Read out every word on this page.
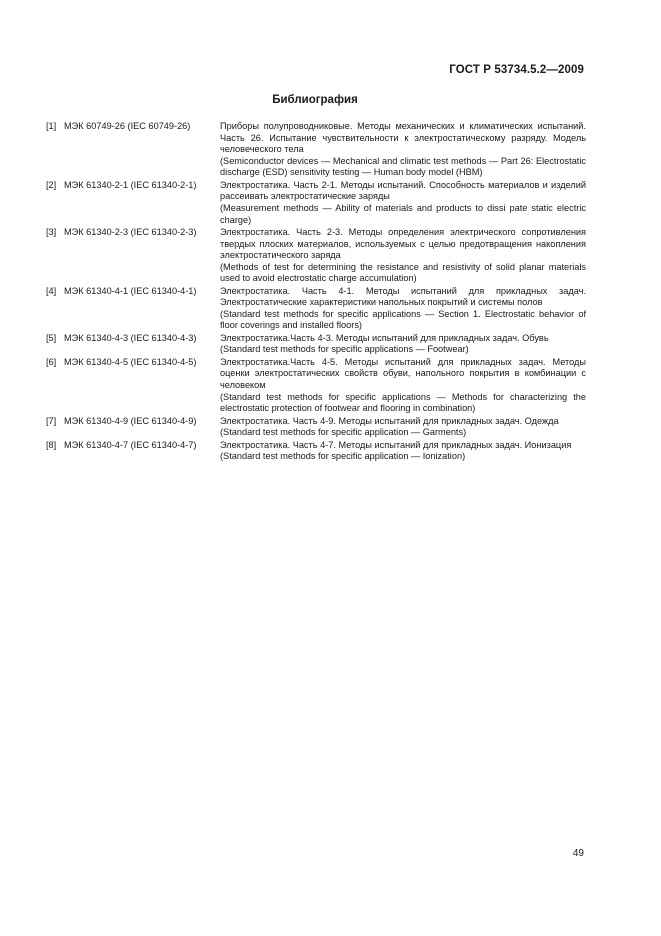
ГОСТ Р 53734.5.2—2009
Библиография
[1] МЭК 60749-26 (IEC 60749-26)	Приборы полупроводниковые. Методы механических и климатических испытаний. Часть 26. Испытание чувствительности к электростатическому разряду. Модель человеческого тела
(Semiconductor devices — Mechanical and climatic test methods — Part 26: Electrostatic discharge (ESD) sensitivity testing — Human body model (HBM)
[2] МЭК 61340-2-1 (IEC 61340-2-1)	Электростатика. Часть 2-1. Методы испытаний. Способность материалов и изделий рассеивать электростатические заряды
(Measurement methods — Ability of materials and products to dissi pate static electric charge)
[3] МЭК 61340-2-3 (IEC 61340-2-3)	Электростатика. Часть 2-3. Методы определения электрического сопротивления твердых плоских материалов, используемых с целью предотвращения накопления электростатического заряда
(Methods of test for determining the resistance and resistivity of solid planar materials used to avoid electrostatic charge accumulation)
[4] МЭК 61340-4-1 (IEC 61340-4-1)	Электростатика. Часть 4-1. Методы испытаний для прикладных задач. Электростатические характеристики напольных покрытий и системы полов
(Standard test methods for specific applications — Section 1. Electrostatic behavior of floor coverings and installed floors)
[5] МЭК 61340-4-3 (IEC 61340-4-3)	Электростатика.Часть 4-3. Методы испытаний для прикладных задач. Обувь
(Standard test methods for specific applications — Footwear)
[6] МЭК 61340-4-5 (IEC 61340-4-5)	Электростатика.Часть 4-5. Методы испытаний для прикладных задач. Методы оценки электростатических свойств обуви, напольного покрытия в комбинации с человеком
(Standard test methods for specific applications — Methods for characterizing the electrostatic protection of footwear and flooring in combination)
[7] МЭК 61340-4-9 (IEC 61340-4-9)	Электростатика. Часть 4-9. Методы испытаний для прикладных задач. Одежда
(Standard test methods for specific application — Garments)
[8] МЭК 61340-4-7 (IEC 61340-4-7)	Электростатика. Часть 4-7. Методы испытаний для прикладных задач. Ионизация
(Standard test methods for specific application — Ionization)
49
